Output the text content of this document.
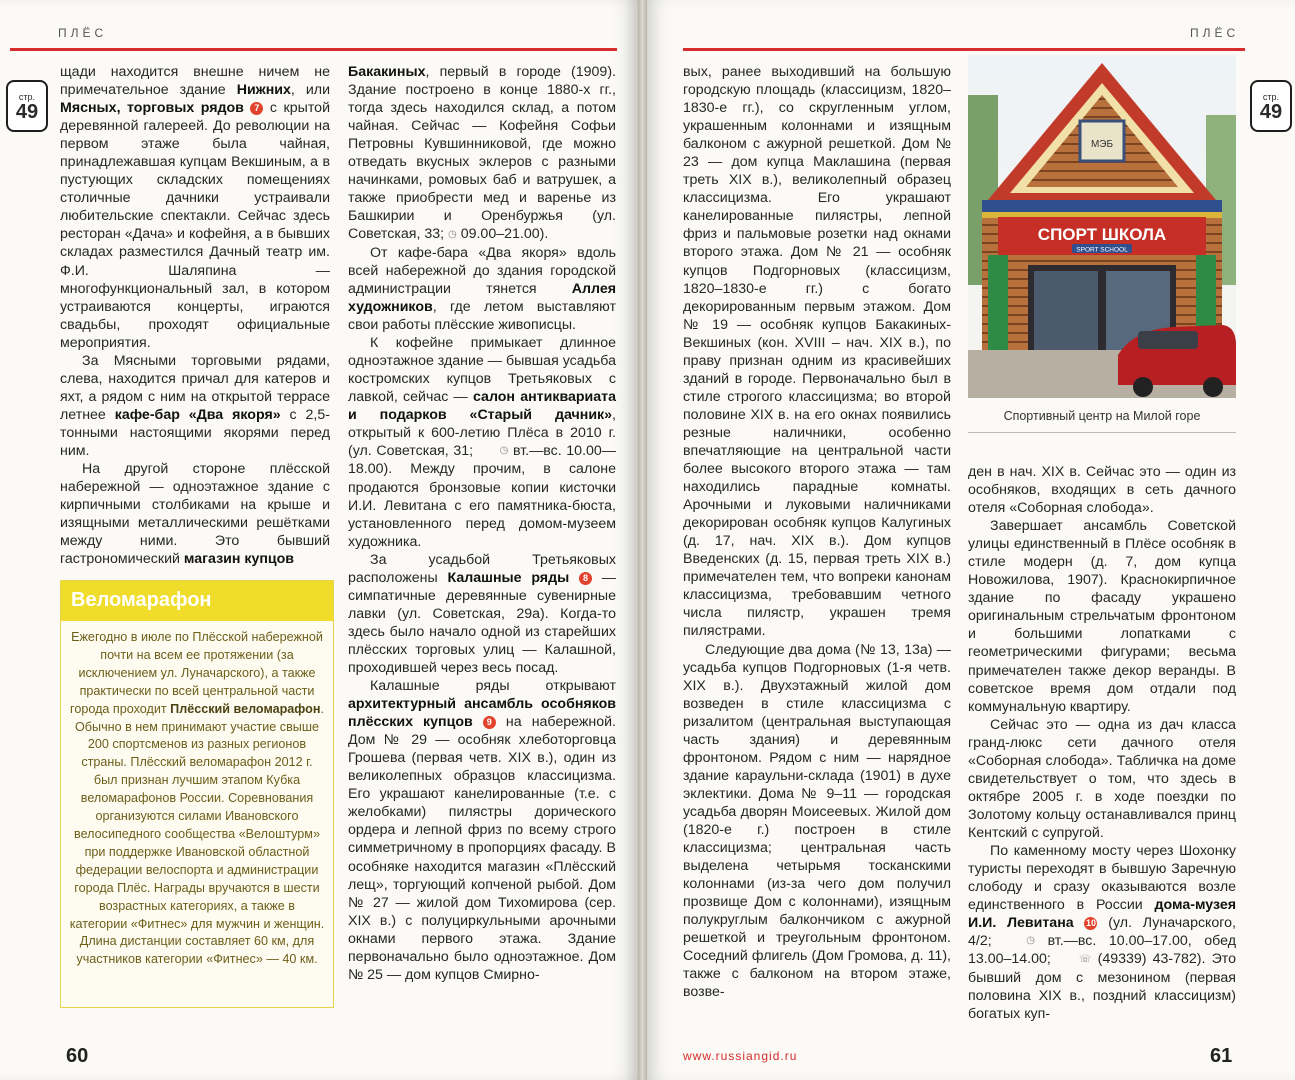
ПЛЁС	ПЛЁС
стр.
49
стр.
49

щади находится внешне ничем не примечательное здание Нижних, или Мясных, торговых рядов 7 с крытой деревянной галереей. До революции на первом этаже была чайная, принадлежавшая купцам Векшиным, а в пустующих складских помещениях столичные дачники устраивали любительские спектакли. Сейчас здесь ресторан «Дача» и кофейня, а в бывших складах разместился Дачный театр им. Ф.И. Шаляпина — многофункциональный зал, в котором устраиваются концерты, играются свадьбы, проходят официальные мероприятия.

За Мясными торговыми рядами, слева, находится причал для катеров и яхт, а рядом с ним на открытой террасе летнее кафе-бар «Два якоря» с 2,5-тонными настоящими якорями перед ним.

На другой стороне плёсской набережной — одноэтажное здание с кирпичными столбиками на крыше и изящными металлическими решётками между ними. Это бывший гастрономический магазин купцов

Веломарафон
Ежегодно в июле по Плёсской набережной почти на всем ее протяжении (за исключением ул. Луначарского), а также практически по всей центральной части города проходит Плёсский веломарафон. Обычно в нем принимают участие свыше 200 спортсменов из разных регионов страны. Плёсский веломарафон 2012 г. был признан лучшим этапом Кубка веломарафонов России. Соревнования организуются силами Ивановского велосипедного сообщества «Велоштурм» при поддержке Ивановской областной федерации велоспорта и администрации города Плёс. Награды вручаются в шести возрастных категориях, а также в категории «Фитнес» для мужчин и женщин. Длина дистанции составляет 60 км, для участников категории «Фитнес» — 40 км.

Бакакиных, первый в городе (1909). Здание построено в конце 1880-х гг., тогда здесь находился склад, а потом чайная. Сейчас — Кофейня Софьи Петровны Кувшинниковой, где можно отведать вкусных эклеров с разными начинками, ромовых баб и ватрушек, а также приобрести мед и варенье из Башкирии и Оренбуржья (ул. Советская, 33; ◷ 09.00–21.00).

От кафе-бара «Два якоря» вдоль всей набережной до здания городской администрации тянется Аллея художников, где летом выставляют свои работы плёсские живописцы.

К кофейне примыкает длинное одноэтажное здание — бывшая усадьба костромских купцов Третьяковых с лавкой, сейчас — салон антиквариата и подарков «Старый дачник», открытый к 600-летию Плёса в 2010 г. (ул. Советская, 31; ◷ вт.—вс. 10.00—18.00). Между прочим, в салоне продаются бронзовые копии кисточки И.И. Левитана с его памятника-бюста, установленного перед домом-музеем художника.

За усадьбой Третьяковых расположены Калашные ряды 8 — симпатичные деревянные сувенирные лавки (ул. Советская, 29а). Когда-то здесь было начало одной из старейших плёсских торговых улиц — Калашной, проходившей через весь посад.

Калашные ряды открывают архитектурный ансамбль особняков плёсских купцов 9 на набережной. Дом № 29 — особняк хлеботорговца Грошева (первая четв. XIX в.), один из великолепных образцов классицизма. Его украшают канелированные (т.е. с желобками) пилястры дорического ордера и лепной фриз по всему строго симметричному в пропорциях фасаду. В особняке находится магазин «Плёсский лещ», торгующий копченой рыбой. Дом № 27 — жилой дом Тихомирова (сер. XIX в.) с полуциркульными арочными окнами первого этажа. Здание первоначально было одноэтажное. Дом № 25 — дом купцов Смирно-

вых, ранее выходивший на большую городскую площадь (классицизм, 1820–1830-е гг.), со скругленным углом, украшенным колоннами и изящным балконом с ажурной решеткой. Дом № 23 — дом купца Маклашина (первая треть XIX в.), великолепный образец классицизма. Его украшают канелированные пилястры, лепной фриз и пальмовые розетки над окнами второго этажа. Дом № 21 — особняк купцов Подгорновых (классицизм, 1820–1830-е гг.) с богато декорированным первым этажом. Дом № 19 — особняк купцов Бакакиных-Векшиных (кон. XVIII – нач. XIX в.), по праву признан одним из красивейших зданий в городе. Первоначально был в стиле строгого классицизма; во второй половине XIX в. на его окнах появились резные наличники, особенно впечатляющие на центральной части более высокого второго этажа — там находились парадные комнаты. Арочными и луковыми наличниками декорирован особняк купцов Калугиных (д. 17, нач. XIX в.). Дом купцов Введенских (д. 15, первая треть XIX в.) примечателен тем, что вопреки канонам классицизма, требовавшим четного числа пилястр, украшен тремя пилястрами.

Следующие два дома (№ 13, 13а) — усадьба купцов Подгорновых (1-я четв. XIX в.). Двухэтажный жилой дом возведен в стиле классицизма с ризалитом (центральная выступающая часть здания) и деревянным фронтоном. Рядом с ним — нарядное здание караульни-склада (1901) в духе эклектики. Дома № 9–11 — городская усадьба дворян Моисеевых. Жилой дом (1820-е г.) построен в стиле классицизма; центральная часть выделена четырьмя тосканскими колоннами (из-за чего дом получил прозвище Дом с колоннами), изящным полукруглым балкончиком с ажурной решеткой и треугольным фронтоном. Соседний флигель (Дом Громова, д. 11), также с балконом на втором этаже, возве-

МЭБ
СПОРТ ШКОЛА
SPORT SCHOOL
Спортивный центр на Милой горе

ден в нач. XIX в. Сейчас это — один из особняков, входящих в сеть дачного отеля «Соборная слобода».

Завершает ансамбль Советской улицы единственный в Плёсе особняк в стиле модерн (д. 7, дом купца Новожилова, 1907). Краснокирпичное здание по фасаду украшено оригинальным стрельчатым фронтоном и большими лопатками с геометрическими фигурами; весьма примечателен также декор веранды. В советское время дом отдали под коммунальную квартиру.

Сейчас это — одна из дач класса гранд-люкс сети дачного отеля «Соборная слобода». Табличка на доме свидетельствует о том, что здесь в октябре 2005 г. в ходе поездки по Золотому кольцу останавливался принц Кентский с супругой.

По каменному мосту через Шохонку туристы переходят в бывшую Заречную слободу и сразу оказываются возле единственного в России дома-музея И.И. Левитана 10 (ул. Луначарского, 4/2; ◷ вт.—вс. 10.00–17.00, обед 13.00–14.00; ☏ (49339) 43-782). Это бывший дом с мезонином (первая половина XIX в., поздний классицизм) богатых куп-

60	61
www.russiangid.ru
